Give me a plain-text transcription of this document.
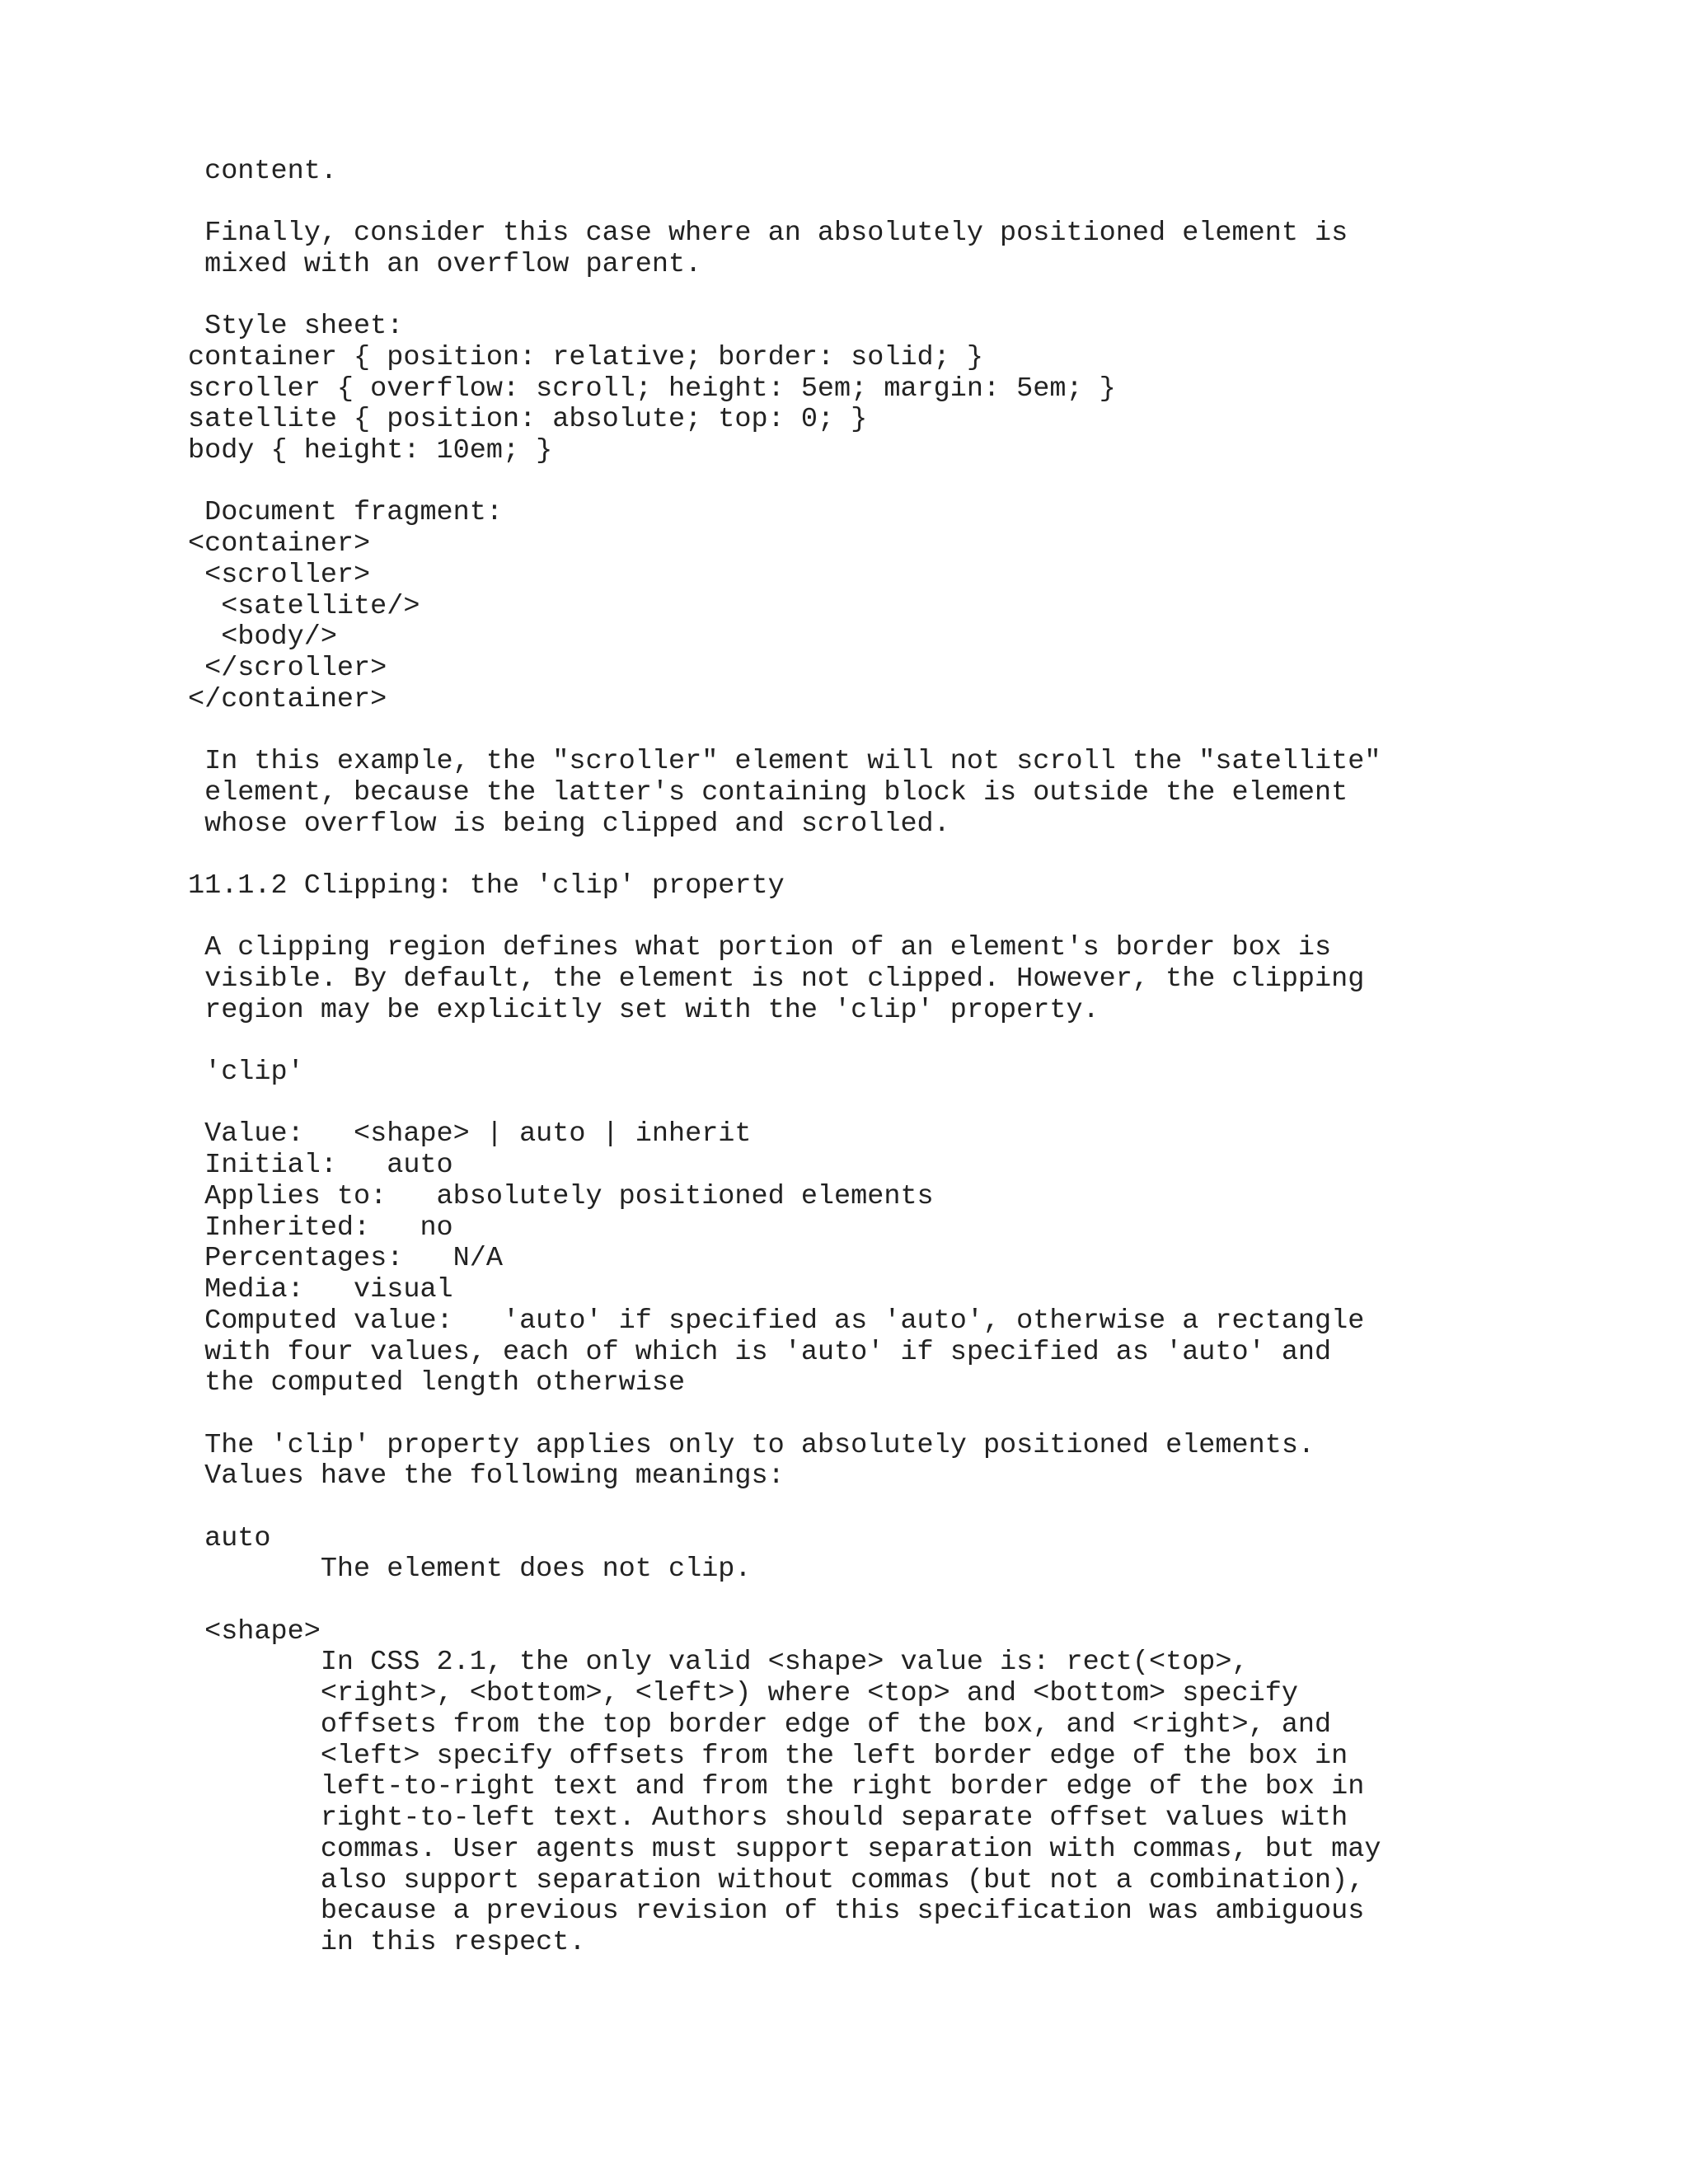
content.

Finally, consider this case where an absolutely positioned element is

mixed with an overflow parent.

Style sheet:

container { position: relative; border: solid; }

scroller { overflow: scroll; height: 5em; margin: 5em; }

satellite { position: absolute; top: 0; }

body { height: 10em; }

Document fragment:

<container>

<scroller>

<satellite/>

<body/>

</scroller>

</container>

In this example, the "scroller" element will not scroll the "satellite"

element, because the latter's containing block is outside the element

whose overflow is being clipped and scrolled.

11.1.2 Clipping: the 'clip' property

A clipping region defines what portion of an element's border box is

visible. By default, the element is not clipped. However, the clipping

region may be explicitly set with the 'clip' property.

'clip'

Value:   <shape> | auto | inherit

Initial:   auto

Applies to:   absolutely positioned elements

Inherited:   no

Percentages:   N/A

Media:   visual

Computed value:   'auto' if specified as 'auto', otherwise a rectangle

with four values, each of which is 'auto' if specified as 'auto' and

the computed length otherwise

The 'clip' property applies only to absolutely positioned elements.

Values have the following meanings:

auto

The element does not clip.

<shape>

In CSS 2.1, the only valid <shape> value is: rect(<top>,

<right>, <bottom>, <left>) where <top> and <bottom> specify

offsets from the top border edge of the box, and <right>, and

<left> specify offsets from the left border edge of the box in

left-to-right text and from the right border edge of the box in

right-to-left text. Authors should separate offset values with

commas. User agents must support separation with commas, but may

also support separation without commas (but not a combination),

because a previous revision of this specification was ambiguous

in this respect.
